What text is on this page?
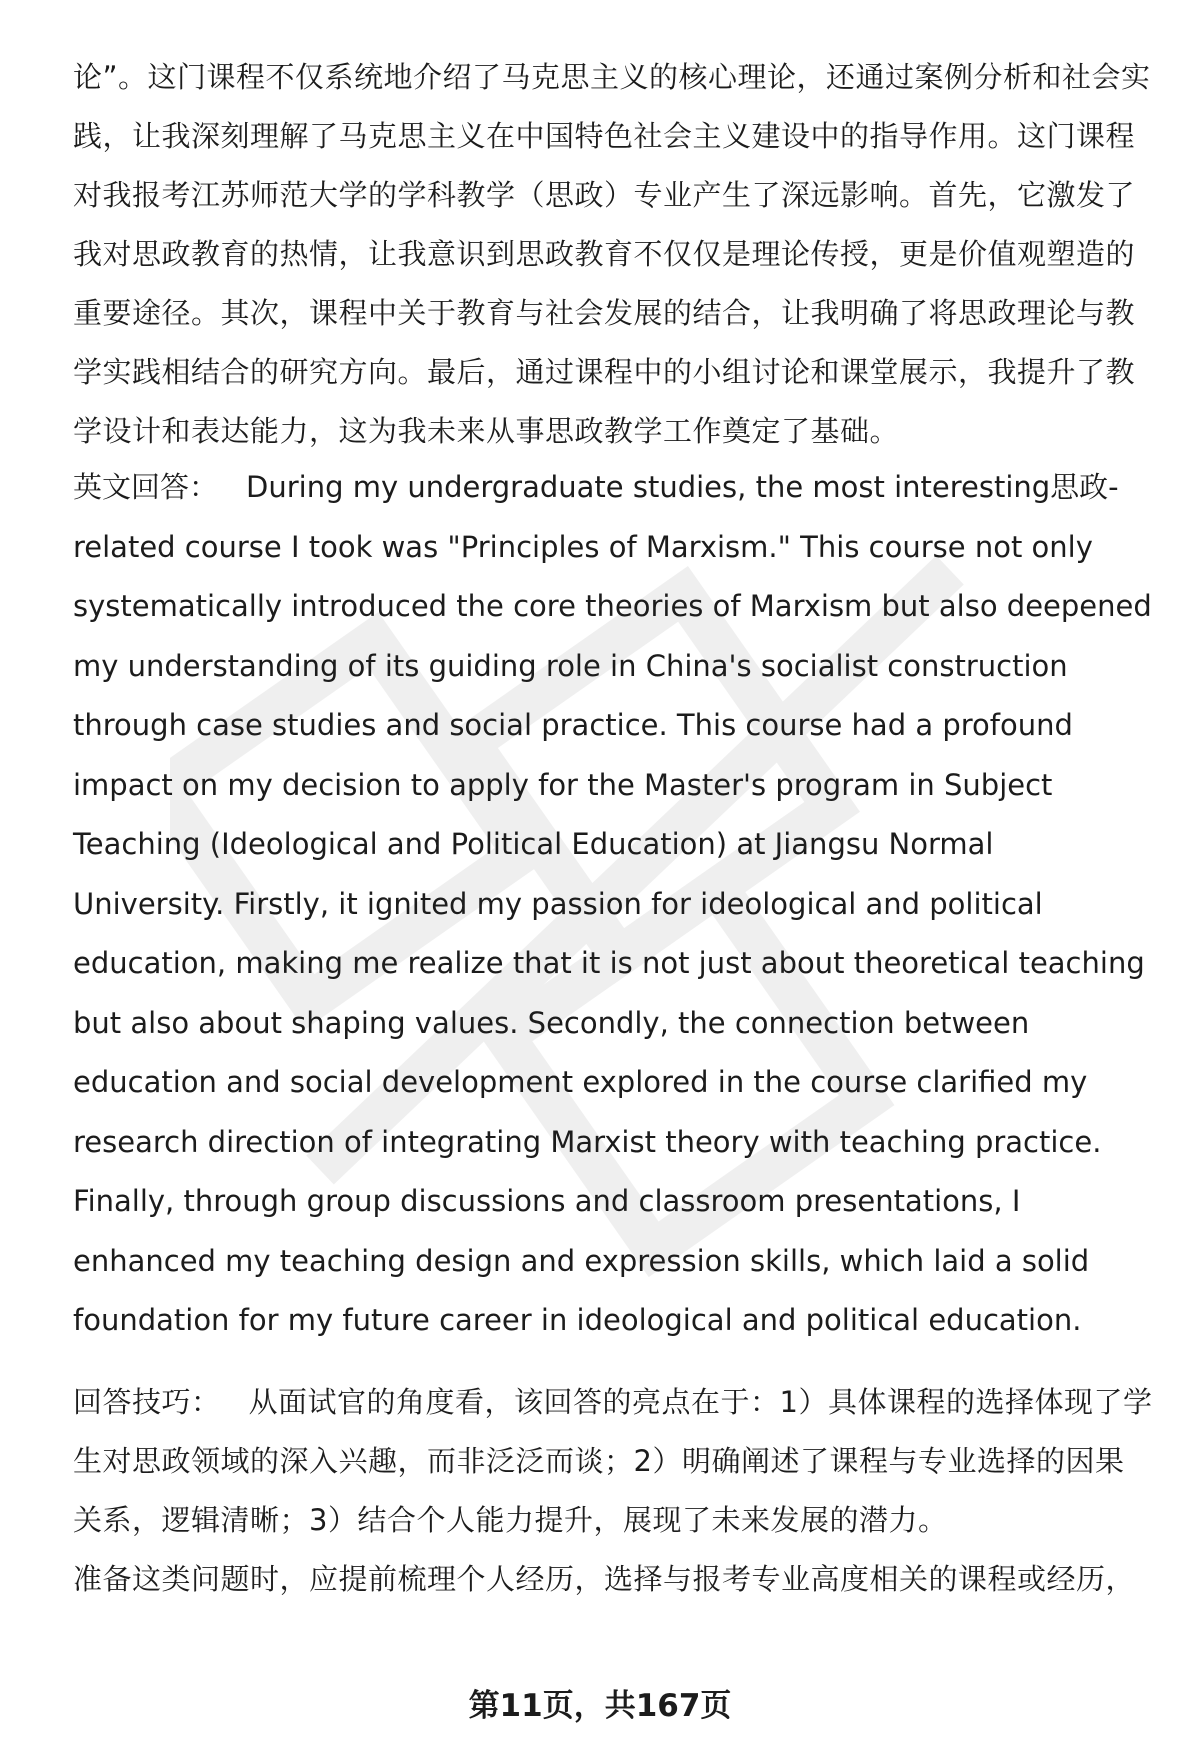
论”。这门课程不仅系统地介绍了马克思主义的核心理论，还通过案例分析和社会实践，让我深刻理解了马克思主义在中国特色社会主义建设中的指导作用。这门课程对我报考江苏师范大学的学科教学（思政）专业产生了深远影响。首先，它激发了我对思政教育的热情，让我意识到思政教育不仅仅是理论传授，更是价值观塑造的重要途径。其次，课程中关于教育与社会发展的结合，让我明确了将思政理论与教学实践相结合的研究方向。最后，通过课程中的小组讨论和课堂展示，我提升了教学设计和表达能力，这为我未来从事思政教学工作奠定了基础。

英文回答： During my undergraduate studies, the most interesting思政-related course I took was "Principles of Marxism." This course not only systematically introduced the core theories of Marxism but also deepened my understanding of its guiding role in China's socialist construction through case studies and social practice. This course had a profound impact on my decision to apply for the Master's program in Subject Teaching (Ideological and Political Education) at Jiangsu Normal University. Firstly, it ignited my passion for ideological and political education, making me realize that it is not just about theoretical teaching but also about shaping values. Secondly, the connection between education and social development explored in the course clarified my research direction of integrating Marxist theory with teaching practice. Finally, through group discussions and classroom presentations, I enhanced my teaching design and expression skills, which laid a solid foundation for my future career in ideological and political education.

回答技巧： 从面试官的角度看，该回答的亮点在于：1）具体课程的选择体现了学生对思政领域的深入兴趣，而非泛泛而谈；2）明确阐述了课程与专业选择的因果关系，逻辑清晰；3）结合个人能力提升，展现了未来发展的潜力。

准备这类问题时，应提前梳理个人经历，选择与报考专业高度相关的课程或经历，

第11页，共167页
